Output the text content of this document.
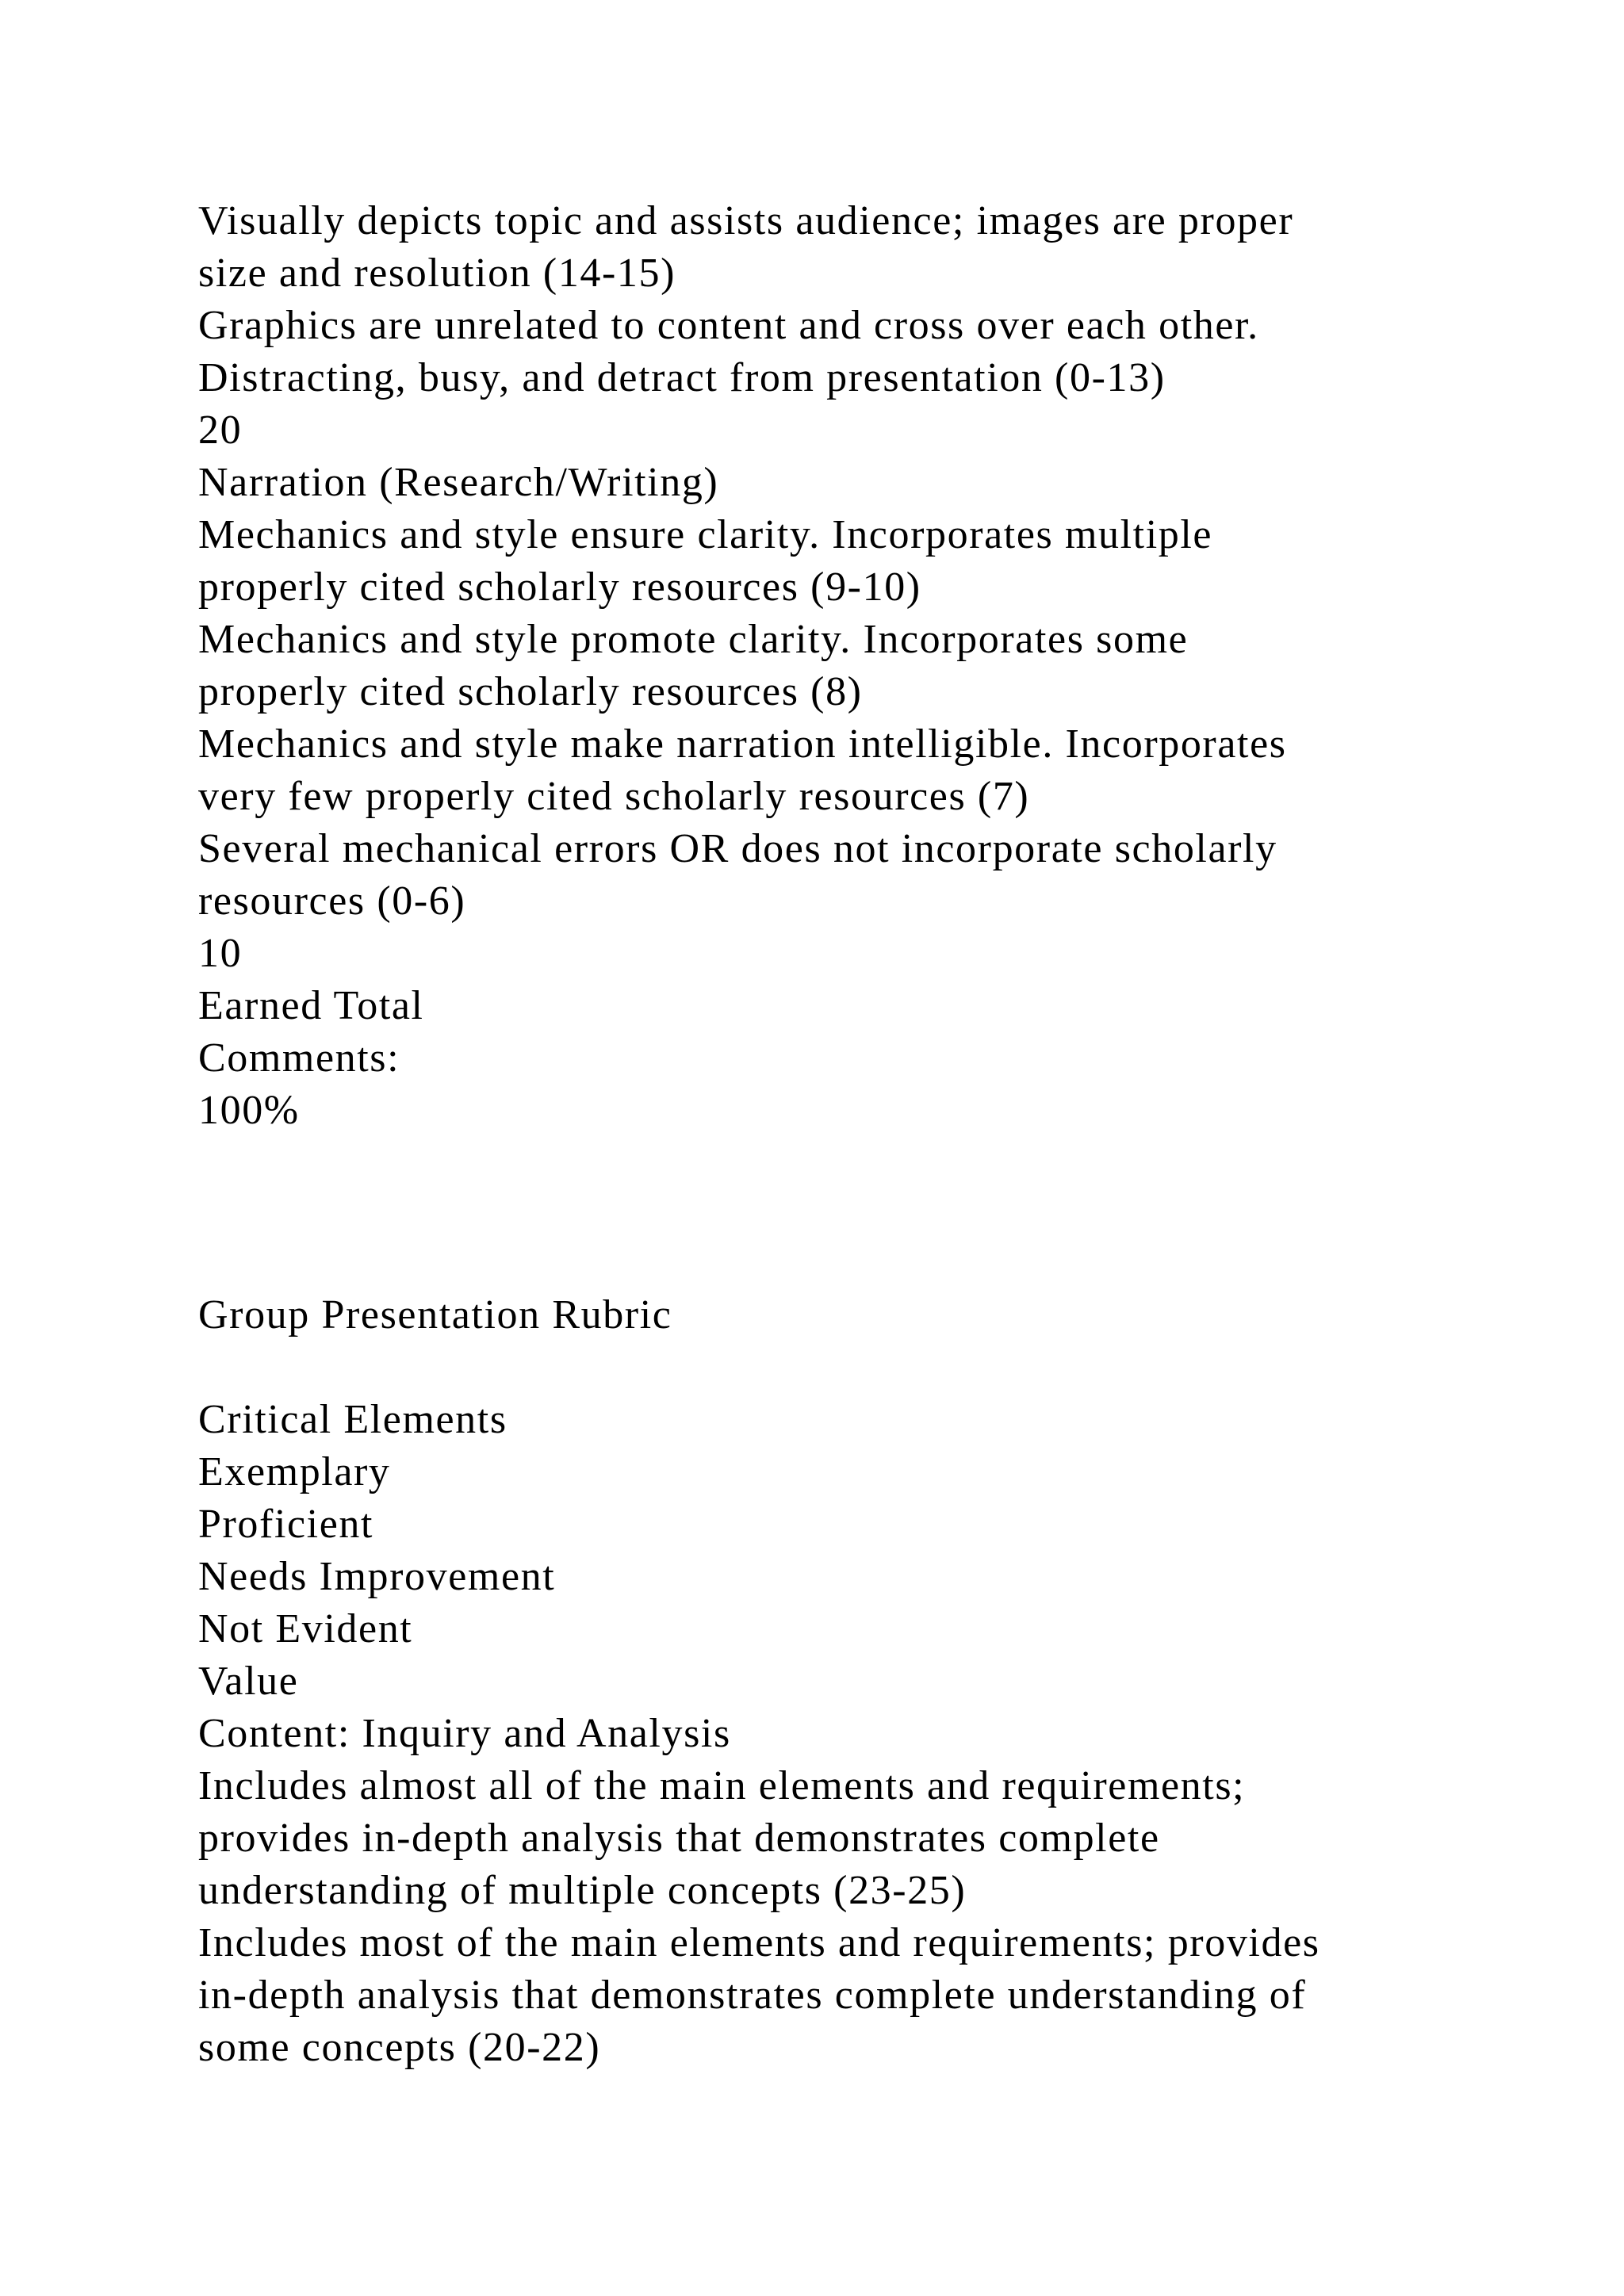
Visually depicts topic and assists audience; images are proper
size and resolution (14-15)
Graphics are unrelated to content and cross over each other.
Distracting, busy, and detract from presentation (0-13)
20
Narration (Research/Writing)
Mechanics and style ensure clarity. Incorporates multiple
properly cited scholarly resources (9-10)
Mechanics and style promote clarity. Incorporates some
properly cited scholarly resources (8)
Mechanics and style make narration intelligible. Incorporates
very few properly cited scholarly resources (7)
Several mechanical errors OR does not incorporate scholarly
resources (0-6)
10
Earned Total
Comments:
100%
Group Presentation Rubric
Critical Elements
Exemplary
Proficient
Needs Improvement
Not Evident
Value
Content: Inquiry and Analysis
Includes almost all of the main elements and requirements;
provides in-depth analysis that demonstrates complete
understanding of multiple concepts (23-25)
Includes most of the main elements and requirements; provides
in-depth analysis that demonstrates complete understanding of
some concepts (20-22)
